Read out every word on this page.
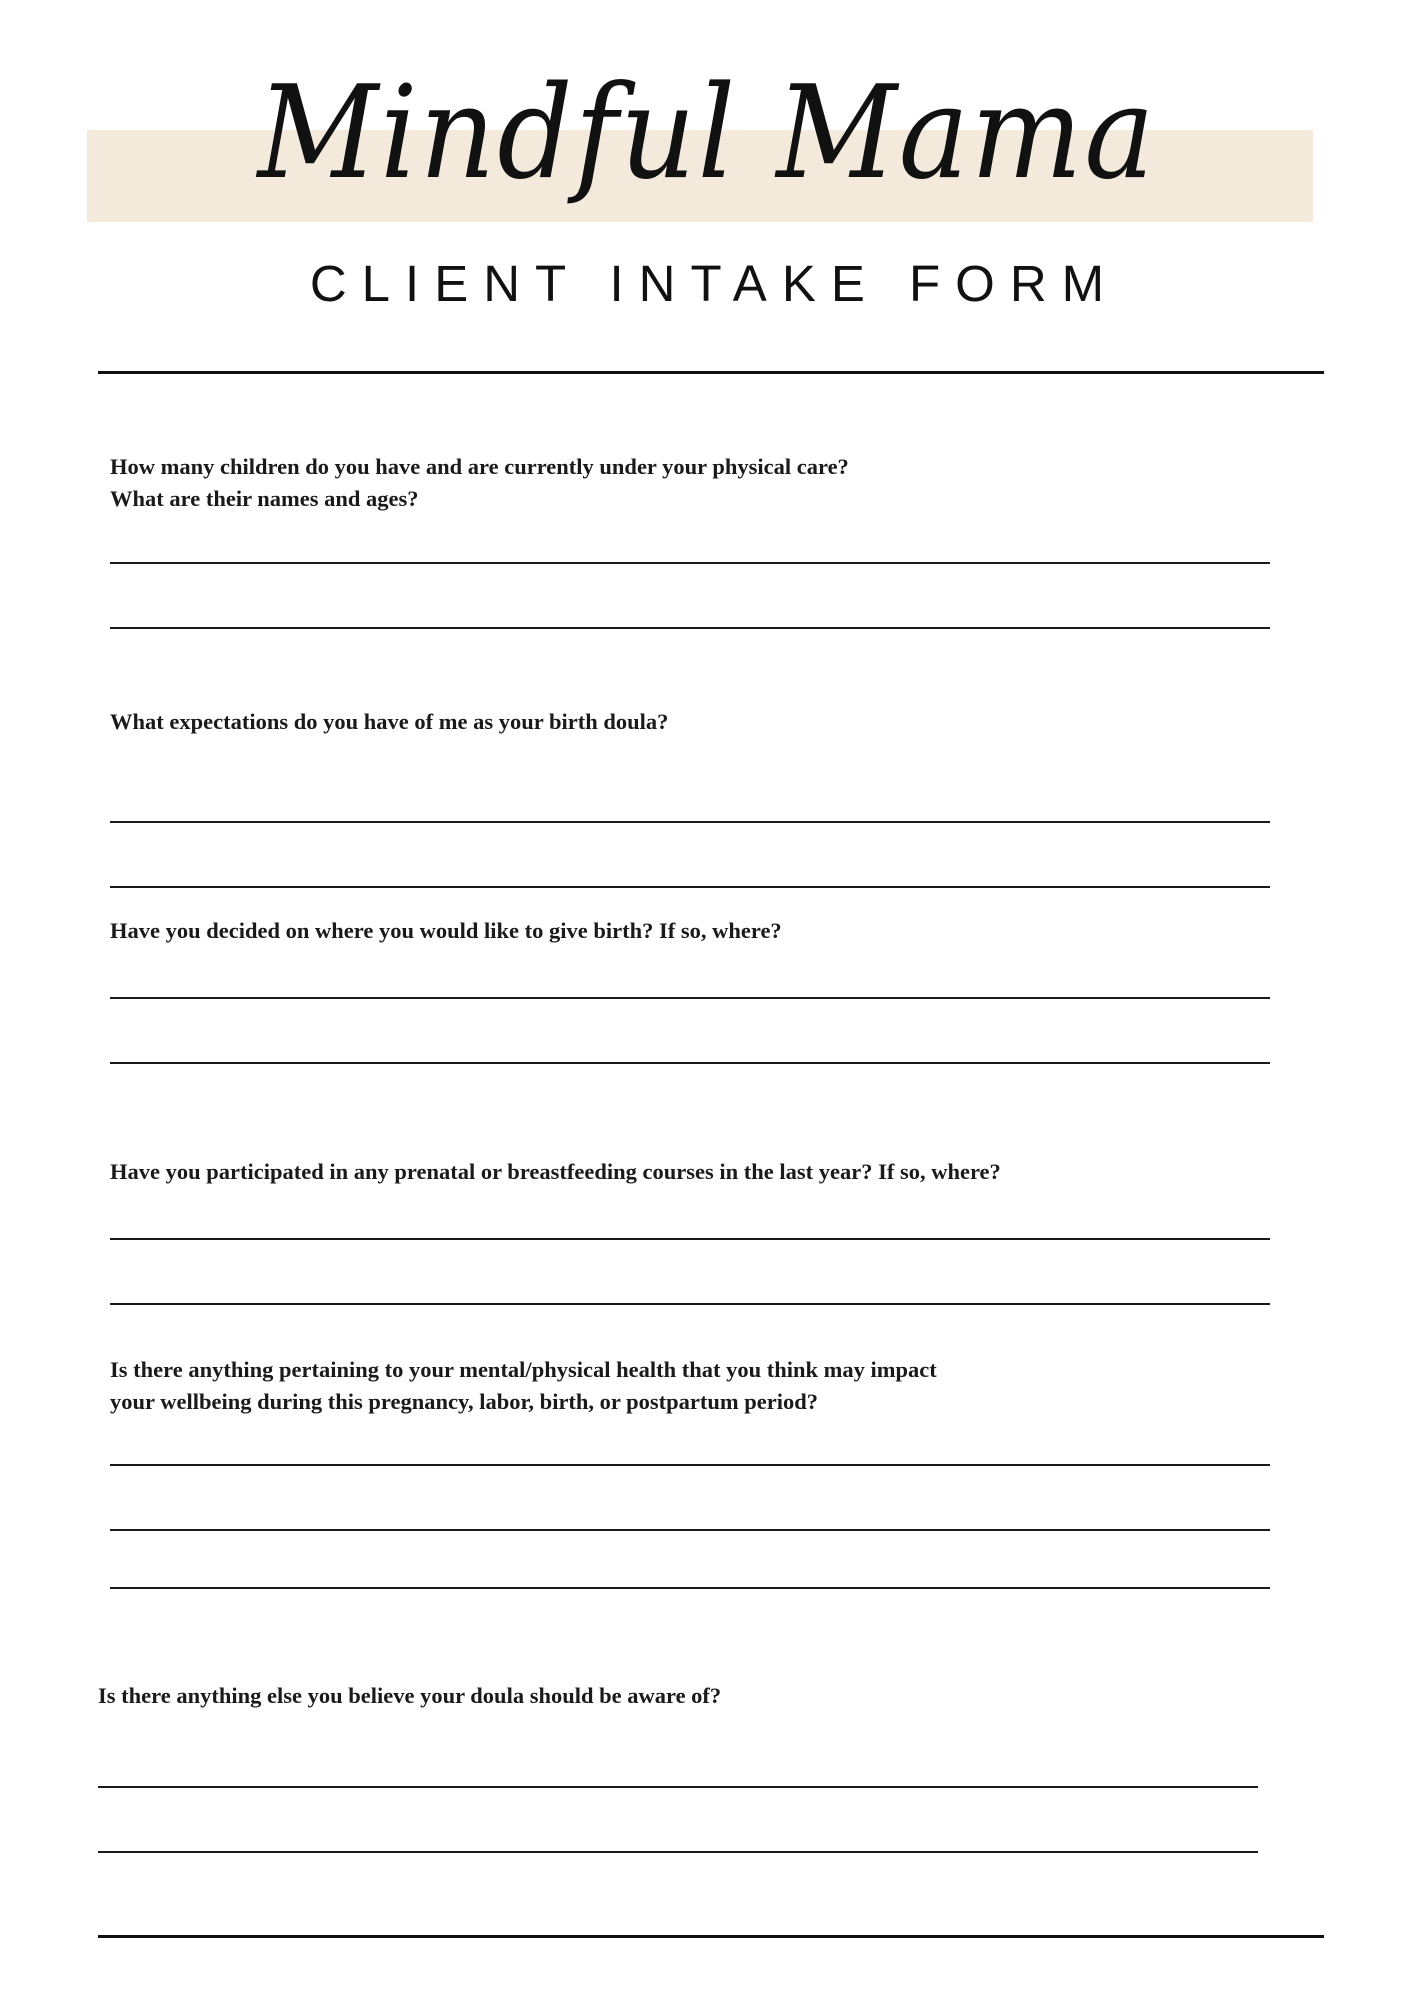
Mindful Mama
CLIENT INTAKE FORM
How many children do you have and are currently under your physical care?
What are their names and ages?
What expectations do you have of me as your birth doula?
Have you decided on where you would like to give birth? If so, where?
Have you participated in any prenatal or breastfeeding courses in the last year? If so, where?
Is there anything pertaining to your mental/physical health that you think may impact
your wellbeing during this pregnancy, labor, birth, or postpartum period?
Is there anything else you believe your doula should be aware of?
